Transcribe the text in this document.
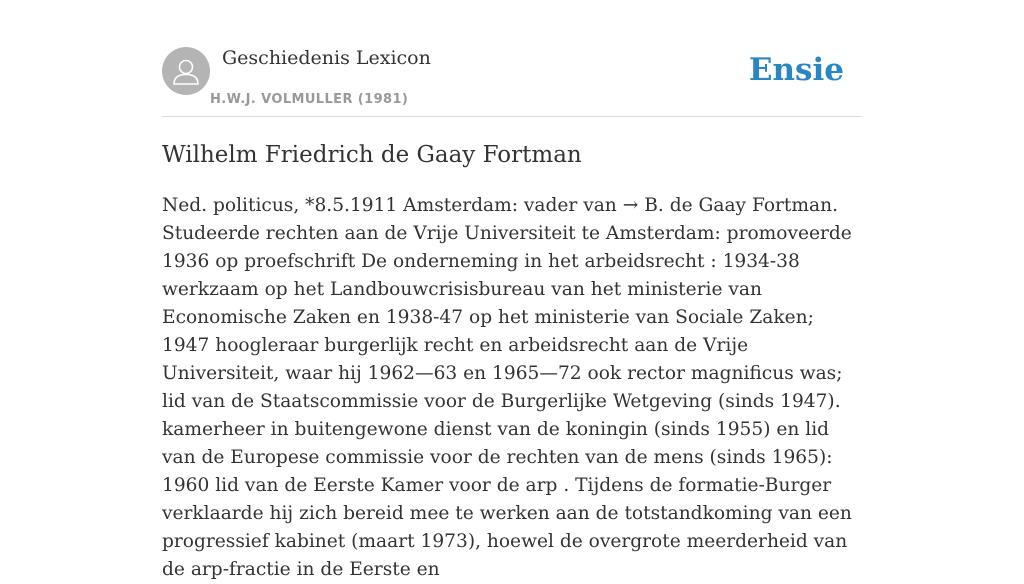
Geschiedenis Lexicon
H.W.J. VOLMULLER (1981)
Ensie
Wilhelm Friedrich de Gaay Fortman

Ned. politicus, *8.5.1911 Amsterdam: vader van → B. de Gaay Fortman. Studeerde rechten aan de Vrije Universiteit te Amsterdam: promoveerde 1936 op proefschrift De onderneming in het arbeidsrecht : 1934-38 werkzaam op het Landbouwcrisisbureau van het ministerie van Economische Zaken en 1938-47 op het ministerie van Sociale Zaken; 1947 hoogleraar burgerlijk recht en arbeidsrecht aan de Vrije Universiteit, waar hij 1962—63 en 1965—72 ook rector magnificus was; lid van de Staatscommissie voor de Burgerlijke Wetgeving (sinds 1947). kamerheer in buitengewone dienst van de koningin (sinds 1955) en lid van de Europese commissie voor de rechten van de mens (sinds 1965): 1960 lid van de Eerste Kamer voor de arp . Tijdens de formatie-Burger verklaarde hij zich bereid mee te werken aan de totstandkoming van een progressief kabinet (maart 1973), hoewel de overgrote meerderheid van de arp-fractie in de Eerste en
